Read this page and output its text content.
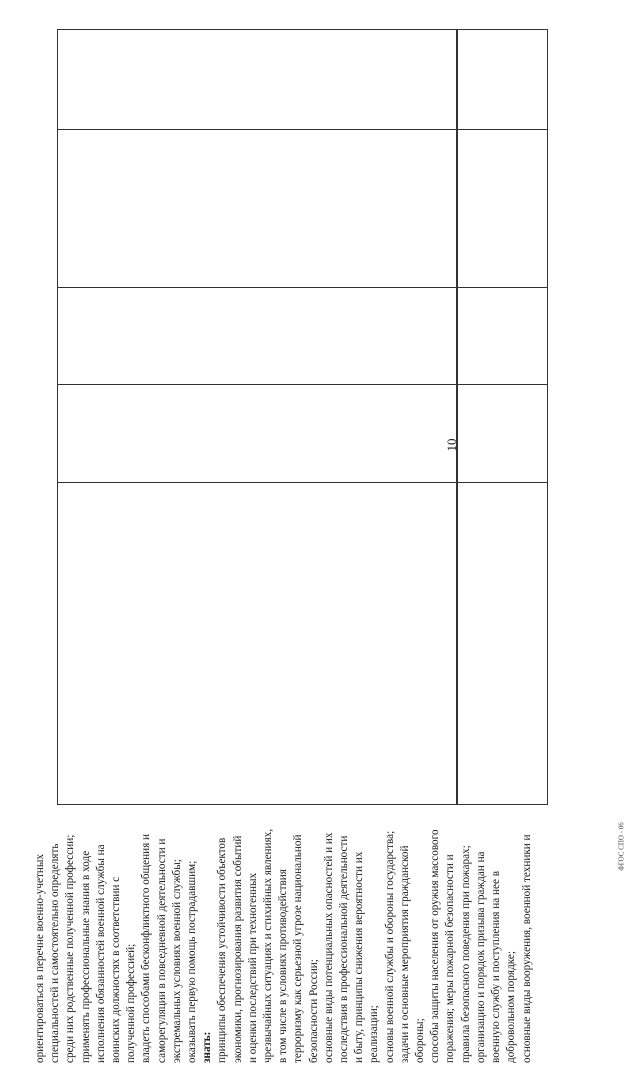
10
ФГОС СПО - 06
ориентироваться в перечне военно-учетных специальностей и самостоятельно определять среди них родственные полученной профессии; применять профессиональные знания в ходе исполнения обязанностей военной службы на воинских должностях в соответствии с полученной профессией; владеть способами бесконфликтного общения и саморегуляции в повседневной деятельности и экстремальных условиях военной службы; оказывать первую помощь пострадавшим; знать: принципы обеспечения устойчивости объектов экономики, прогнозирования развития событий и оценки последствий при техногенных чрезвычайных ситуациях и стихийных явлениях, в том числе в условиях противодействия терроризму как серьезной угрозе национальной безопасности России; основные виды потенциальных опасностей и их последствия в профессиональной деятельности и быту, принципы снижения вероятности их реализации; основы военной службы и обороны государства; задачи и основные мероприятия гражданской обороны; способы защиты населения от оружия массового поражения; меры пожарной безопасности и правила безопасного поведения при пожарах; организацию и порядок призыва граждан на военную службу и поступления на нее в добровольном порядке; основные виды вооружения, военной техники и
